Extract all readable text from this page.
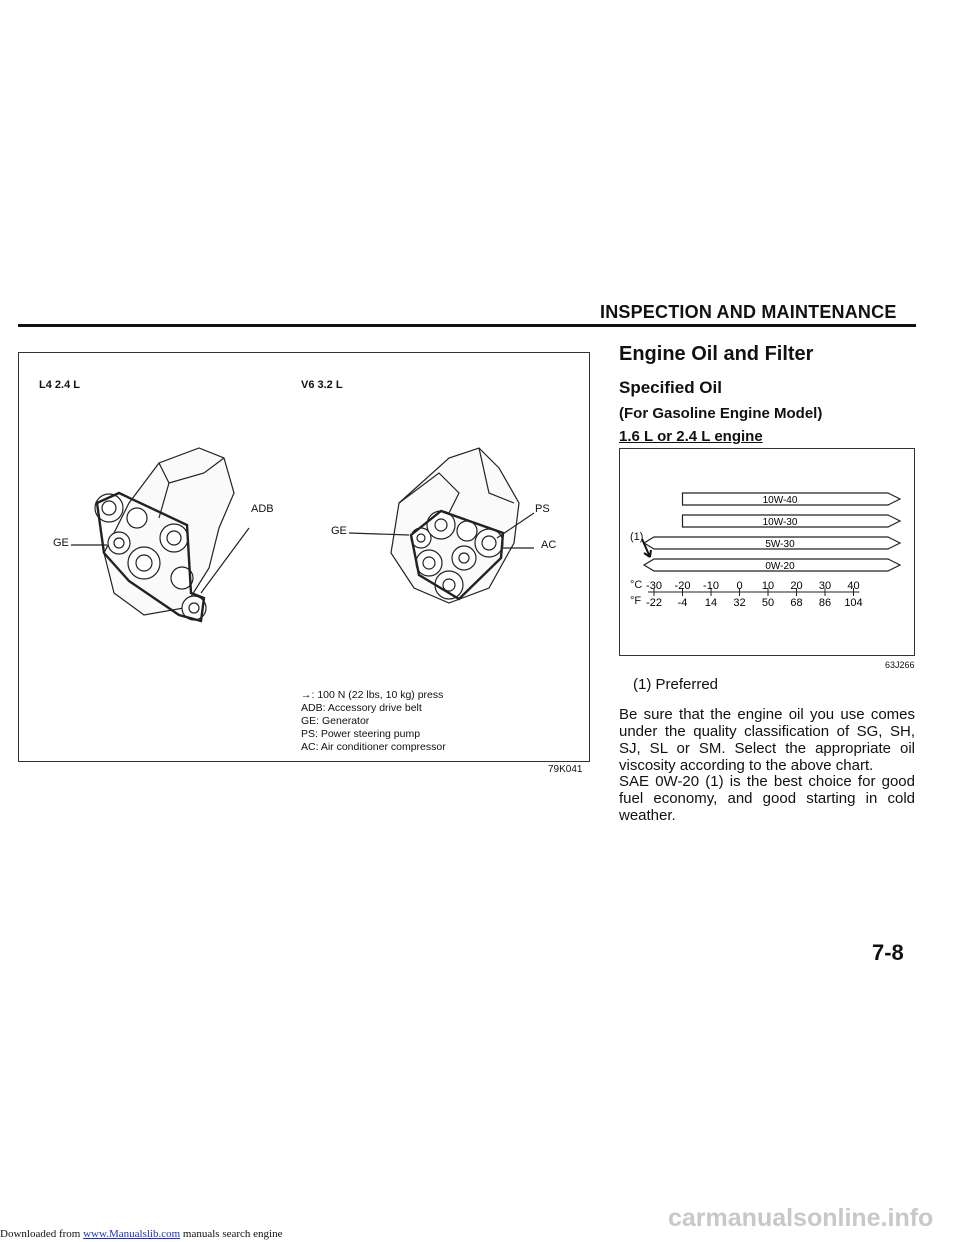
INSPECTION AND MAINTENANCE
L4 2.4 L	V6 3.2 L
GE
ADB
GE
PS
AC
→: 100 N (22 lbs, 10 kg) press
ADB: Accessory drive belt
GE: Generator
PS: Power steering pump
AC: Air conditioner compressor
79K041
Engine Oil and Filter
Specified Oil
(For Gasoline Engine Model)
1.6 L or 2.4 L engine
10W-40
10W-30
5W-30
0W-20
-30
-22
-20
-4
-10
14
0
32
10
50
20
68
30
86
40
104
(1)
°C
°F
63J266
(1) Preferred
Be sure that the engine oil you use comes under the quality classification of SG, SH, SJ, SL or SM. Select the appropriate oil viscosity according to the above chart.
SAE 0W-20 (1) is the best choice for good fuel economy, and good starting in cold weather.
7-8
Downloaded from www.Manualslib.com manuals search engine
carmanualsonline.info
